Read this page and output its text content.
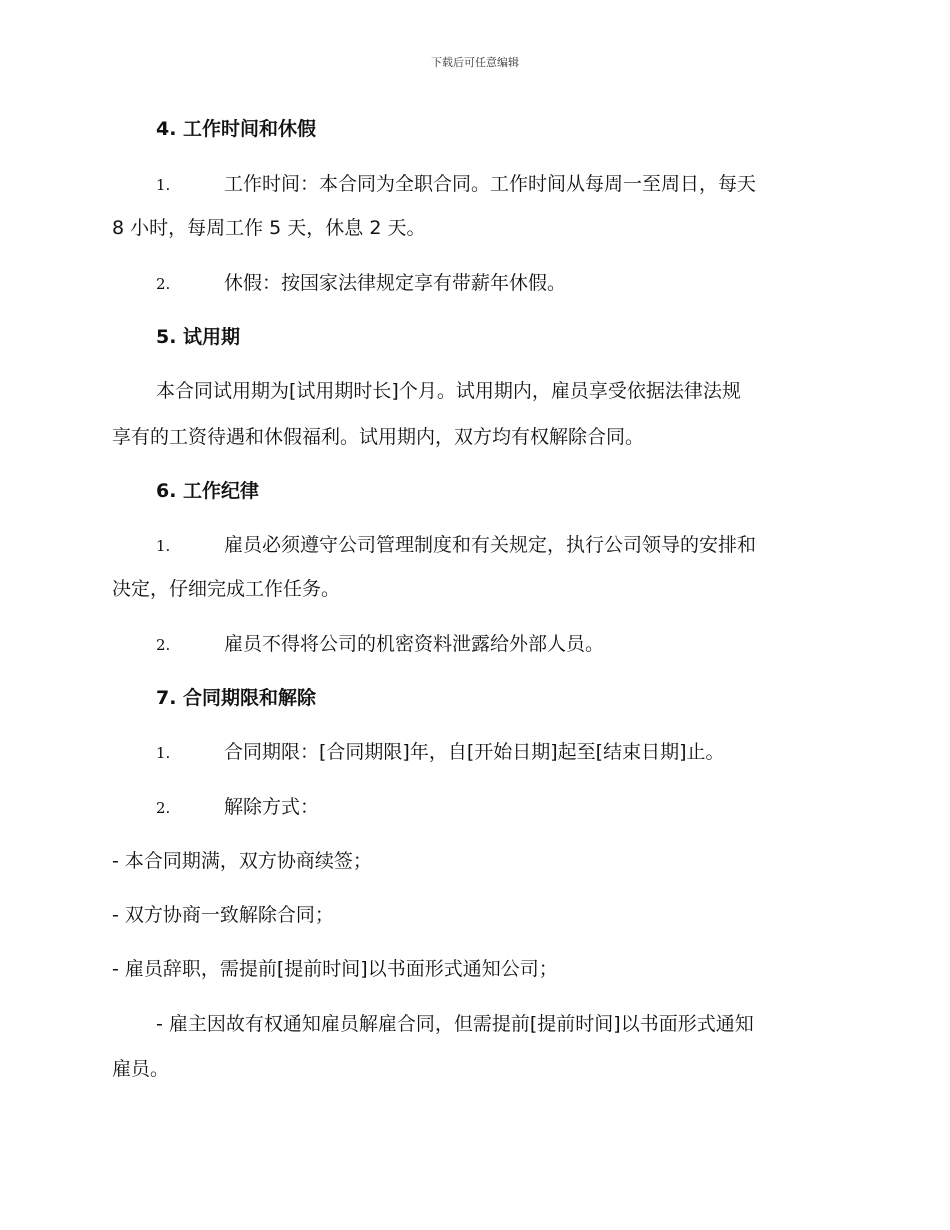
下载后可任意编辑
4. 工作时间和休假
1.	工作时间：本合同为全职合同。工作时间从每周一至周日，每天
8 小时，每周工作 5 天，休息 2 天。
2.	休假：按国家法律规定享有带薪年休假。
5. 试用期
本合同试用期为[试用期时长]个月。试用期内，雇员享受依据法律法规
享有的工资待遇和休假福利。试用期内，双方均有权解除合同。
6. 工作纪律
1.	雇员必须遵守公司管理制度和有关规定，执行公司领导的安排和
决定，仔细完成工作任务。
2.	雇员不得将公司的机密资料泄露给外部人员。
7. 合同期限和解除
1.	合同期限：[合同期限]年，自[开始日期]起至[结束日期]止。
2.	解除方式：
- 本合同期满，双方协商续签；
- 双方协商一致解除合同；
- 雇员辞职，需提前[提前时间]以书面形式通知公司；
- 雇主因故有权通知雇员解雇合同，但需提前[提前时间]以书面形式通知
雇员。
